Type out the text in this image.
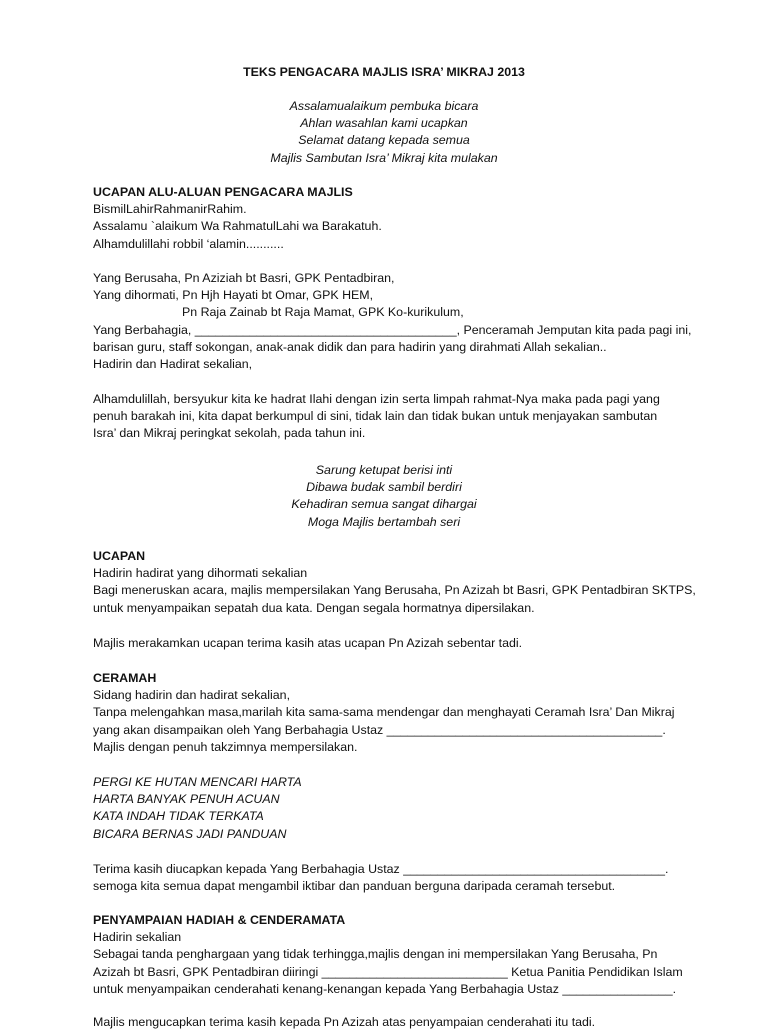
TEKS PENGACARA MAJLIS ISRA’ MIKRAJ 2013
Assalamualaikum pembuka bicara
Ahlan wasahlan kami ucapkan
Selamat datang kepada semua
Majlis Sambutan Isra’ Mikraj kita mulakan
UCAPAN ALU-ALUAN PENGACARA MAJLIS
BismilLahirRahmanirRahim.
Assalamu `alaikum Wa RahmatulLahi wa Barakatuh.
Alhamdulillahi robbil ‘alamin...........
Yang Berusaha, Pn Aziziah bt Basri, GPK Pentadbiran,
Yang dihormati, Pn Hjh Hayati bt Omar, GPK HEM,
Pn Raja Zainab bt Raja Mamat, GPK Ko-kurikulum,
Yang Berbahagia, ______________________________________, Penceramah Jemputan kita pada pagi ini,
barisan guru, staff sokongan, anak-anak didik dan para hadirin yang dirahmati Allah sekalian..
Hadirin dan Hadirat sekalian,
Alhamdulillah, bersyukur kita ke hadrat Ilahi dengan izin serta limpah rahmat-Nya maka pada pagi yang
penuh barakah ini, kita dapat berkumpul di sini, tidak lain dan tidak bukan untuk menjayakan sambutan
Isra’ dan Mikraj peringkat sekolah, pada tahun ini.
Sarung ketupat berisi inti
Dibawa budak sambil berdiri
Kehadiran semua sangat dihargai
Moga Majlis bertambah seri
UCAPAN
Hadirin hadirat yang dihormati sekalian
Bagi meneruskan acara, majlis mempersilakan Yang Berusaha, Pn Azizah bt Basri, GPK Pentadbiran SKTPS,
untuk menyampaikan sepatah dua kata. Dengan segala hormatnya dipersilakan.
Majlis merakamkan ucapan terima kasih atas ucapan Pn Azizah sebentar tadi.
CERAMAH
Sidang hadirin dan hadirat sekalian,
Tanpa melengahkan masa,marilah kita sama-sama mendengar dan menghayati Ceramah Isra’ Dan Mikraj
yang akan disampaikan oleh Yang Berbahagia Ustaz ________________________________________.
Majlis dengan penuh takzimnya mempersilakan.
PERGI KE HUTAN MENCARI HARTA
HARTA BANYAK PENUH ACUAN
KATA INDAH TIDAK TERKATA
BICARA BERNAS JADI PANDUAN
Terima kasih diucapkan kepada Yang Berbahagia Ustaz ______________________________________.
semoga kita semua dapat mengambil iktibar dan panduan berguna daripada ceramah tersebut.
PENYAMPAIAN HADIAH & CENDERAMATA
Hadirin sekalian
Sebagai tanda penghargaan yang tidak terhingga,majlis dengan ini mempersilakan Yang Berusaha, Pn
Azizah bt Basri, GPK Pentadbiran diiringi ___________________________ Ketua Panitia Pendidikan Islam
untuk menyampaikan cenderahati kenang-kenangan kepada Yang Berbahagia Ustaz ________________.
Majlis mengucapkan terima kasih kepada Pn Azizah atas penyampaian cenderahati itu tadi.
